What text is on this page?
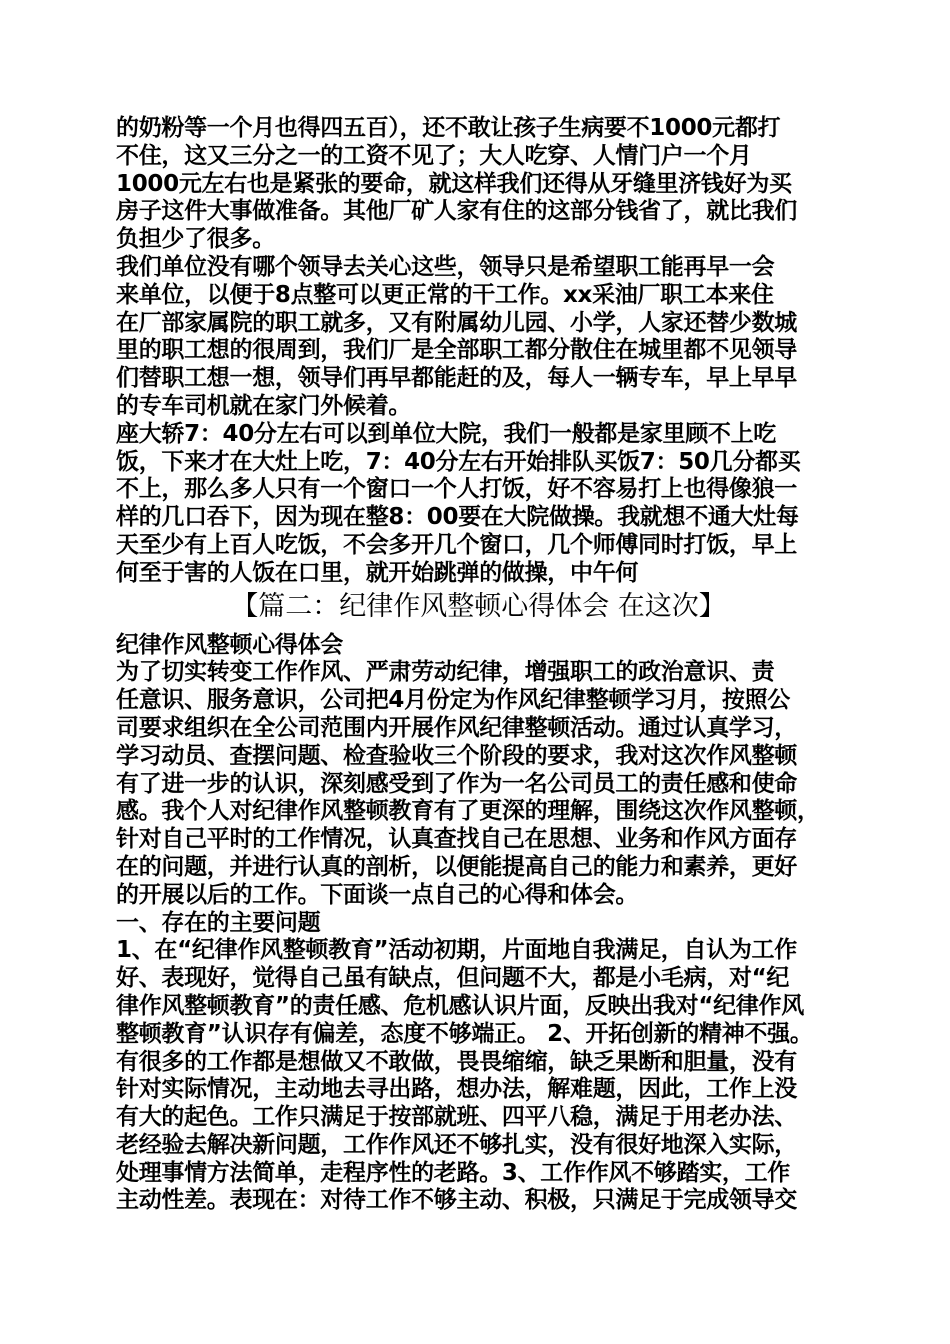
的奶粉等一个月也得四五百），还不敢让孩子生病要不1000元都打
不住，这又三分之一的工资不见了；大人吃穿、人情门户一个月
1000元左右也是紧张的要命，就这样我们还得从牙缝里济钱好为买
房子这件大事做准备。其他厂矿人家有住的这部分钱省了，就比我们
负担少了很多。
我们单位没有哪个领导去关心这些，领导只是希望职工能再早一会
来单位，以便于8点整可以更正常的干工作。xx采油厂职工本来住
在厂部家属院的职工就多，又有附属幼儿园、小学，人家还替少数城
里的职工想的很周到，我们厂是全部职工都分散住在城里都不见领导
们替职工想一想，领导们再早都能赶的及，每人一辆专车，早上早早
的专车司机就在家门外候着。
座大轿7：40分左右可以到单位大院，我们一般都是家里顾不上吃
饭，下来才在大灶上吃，7：40分左右开始排队买饭7：50几分都买
不上，那么多人只有一个窗口一个人打饭，好不容易打上也得像狼一
样的几口吞下，因为现在整8：00要在大院做操。我就想不通大灶每
天至少有上百人吃饭，不会多开几个窗口，几个师傅同时打饭，早上
何至于害的人饭在口里，就开始跳弹的做操，中午何
【篇二：纪律作风整顿心得体会 在这次】
纪律作风整顿心得体会
为了切实转变工作作风、严肃劳动纪律，增强职工的政治意识、责
任意识、服务意识，公司把4月份定为作风纪律整顿学习月，按照公
司要求组织在全公司范围内开展作风纪律整顿活动。通过认真学习，
学习动员、查摆问题、检查验收三个阶段的要求，我对这次作风整顿
有了进一步的认识，深刻感受到了作为一名公司员工的责任感和使命
感。我个人对纪律作风整顿教育有了更深的理解，围绕这次作风整顿，
针对自己平时的工作情况，认真查找自己在思想、业务和作风方面存
在的问题，并进行认真的剖析，以便能提高自己的能力和素养，更好
的开展以后的工作。下面谈一点自己的心得和体会。
一、存在的主要问题
1、在“纪律作风整顿教育”活动初期，片面地自我满足，自认为工作
好、表现好，觉得自己虽有缺点，但问题不大，都是小毛病，对“纪
律作风整顿教育”的责任感、危机感认识片面，反映出我对“纪律作风
整顿教育”认识存有偏差，态度不够端正。 2、开拓创新的精神不强。
有很多的工作都是想做又不敢做，畏畏缩缩，缺乏果断和胆量，没有
针对实际情况，主动地去寻出路，想办法，解难题，因此，工作上没
有大的起色。工作只满足于按部就班、四平八稳，满足于用老办法、
老经验去解决新问题，工作作风还不够扎实，没有很好地深入实际，
处理事情方法简单，走程序性的老路。3、工作作风不够踏实，工作
主动性差。表现在：对待工作不够主动、积极，只满足于完成领导交
